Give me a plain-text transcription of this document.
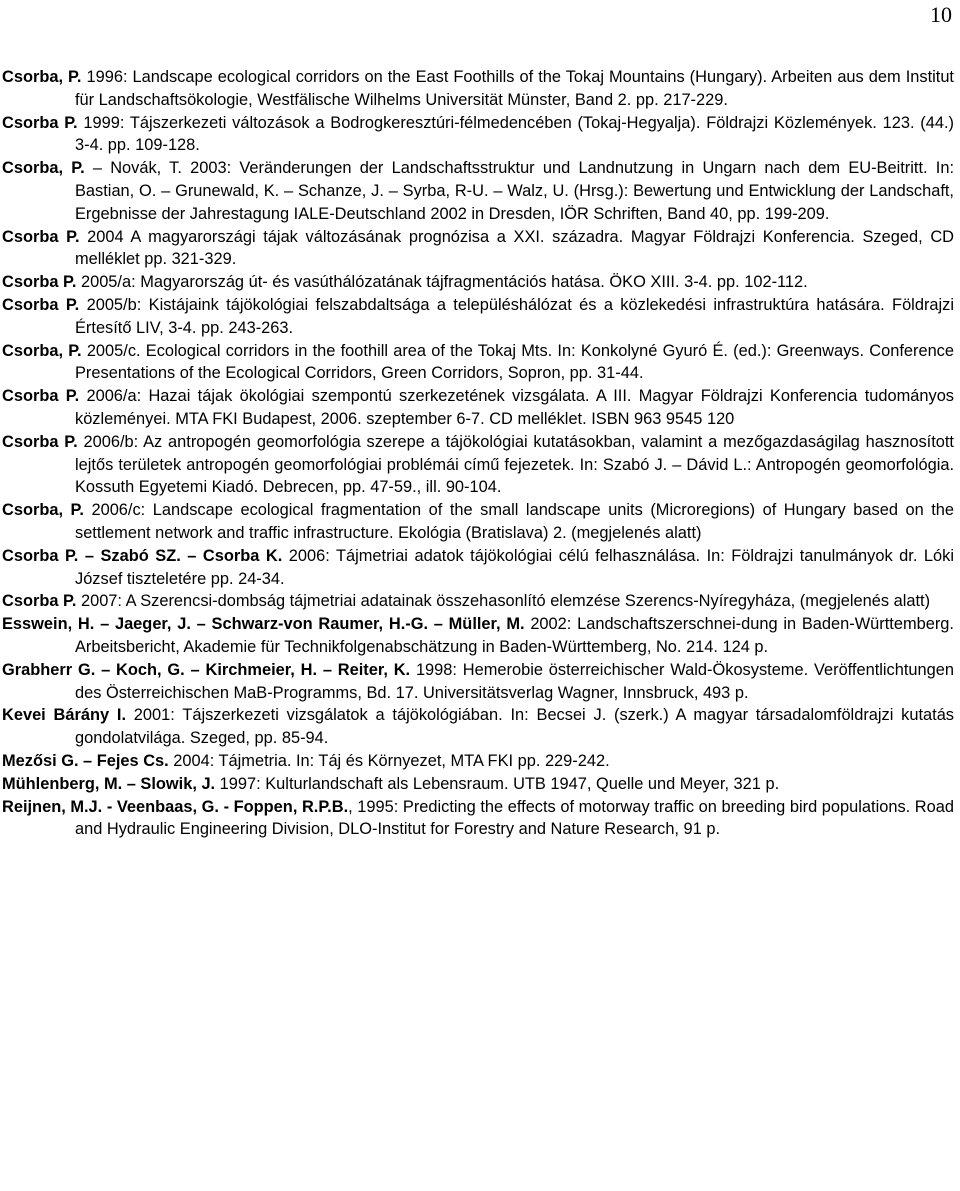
10

Csorba, P. 1996: Landscape ecological corridors on the East Foothills of the Tokaj Mountains (Hungary). Arbeiten aus dem Institut für Landschaftsökologie, Westfälische Wilhelms Universität Münster, Band 2. pp. 217-229.

Csorba P. 1999: Tájszerkezeti változások a Bodrogkeresztúri-félmedencében (Tokaj-Hegyalja). Földrajzi Közlemények. 123. (44.) 3-4. pp. 109-128.

Csorba, P. – Novák, T. 2003: Veränderungen der Landschaftsstruktur und Landnutzung in Ungarn nach dem EU-Beitritt. In: Bastian, O. – Grunewald, K. – Schanze, J. – Syrba, R-U. – Walz, U. (Hrsg.): Bewertung und Entwicklung der Landschaft, Ergebnisse der Jahrestagung IALE-Deutschland 2002 in Dresden, IÖR Schriften, Band 40, pp. 199-209.

Csorba P. 2004 A magyarországi tájak változásának prognózisa a XXI. századra. Magyar Földrajzi Konferencia. Szeged, CD melléklet pp. 321-329.

Csorba P. 2005/a: Magyarország út- és vasúthálózatának tájfragmentációs hatása. ÖKO XIII. 3-4. pp. 102-112.

Csorba P. 2005/b: Kistájaink tájökológiai felszabdaltsága a településhálózat és a közlekedési infrastruktúra hatására. Földrajzi Értesítő LIV, 3-4. pp. 243-263.

Csorba, P. 2005/c. Ecological corridors in the foothill area of the Tokaj Mts. In: Konkolyné Gyuró É. (ed.): Greenways. Conference Presentations of the Ecological Corridors, Green Corridors, Sopron, pp. 31-44.

Csorba P. 2006/a: Hazai tájak ökológiai szempontú szerkezetének vizsgálata. A III. Magyar Földrajzi Konferencia tudományos közleményei. MTA FKI Budapest, 2006. szeptember 6-7. CD melléklet. ISBN 963 9545 120

Csorba P. 2006/b: Az antropogén geomorfológia szerepe a tájökológiai kutatásokban, valamint a mezőgazdaságilag hasznosított lejtős területek antropogén geomorfológiai problémái című fejezetek. In: Szabó J. – Dávid L.: Antropogén geomorfológia. Kossuth Egyetemi Kiadó. Debrecen, pp. 47-59., ill. 90-104.

Csorba, P. 2006/c: Landscape ecological fragmentation of the small landscape units (Microregions) of Hungary based on the settlement network and traffic infrastructure. Ekológia (Bratislava) 2. (megjelenés alatt)

Csorba P. – Szabó SZ. – Csorba K. 2006: Tájmetriai adatok tájökológiai célú felhasználása. In: Földrajzi tanulmányok dr. Lóki József tiszteletére pp. 24-34.

Csorba P. 2007: A Szerencsi-dombság tájmetriai adatainak összehasonlító elemzése Szerencs-Nyíregyháza, (megjelenés alatt)

Esswein, H. – Jaeger, J. – Schwarz-von Raumer, H.-G. – Müller, M. 2002: Landschaftszerschnei-dung in Baden-Württemberg. Arbeitsbericht, Akademie für Technikfolgenabschätzung in Baden-Württemberg, No. 214. 124 p.

Grabherr G. – Koch, G. – Kirchmeier, H. – Reiter, K. 1998: Hemerobie österreichischer Wald-Ökosysteme. Veröffentlichtungen des Österreichischen MaB-Programms, Bd. 17. Universitätsverlag Wagner, Innsbruck, 493 p.

Kevei Bárány I. 2001: Tájszerkezeti vizsgálatok a tájökológiában. In: Becsei J. (szerk.) A magyar társadalomföldrajzi kutatás gondolatvilága. Szeged, pp. 85-94.

Mezősi G. – Fejes Cs. 2004: Tájmetria. In: Táj és Környezet, MTA FKI pp. 229-242.

Mühlenberg, M. – Slowik, J. 1997: Kulturlandschaft als Lebensraum. UTB 1947, Quelle und Meyer, 321 p.

Reijnen, M.J. - Veenbaas, G. - Foppen, R.P.B., 1995: Predicting the effects of motorway traffic on breeding bird populations. Road and Hydraulic Engineering Division, DLO-Institut for Forestry and Nature Research, 91 p.
